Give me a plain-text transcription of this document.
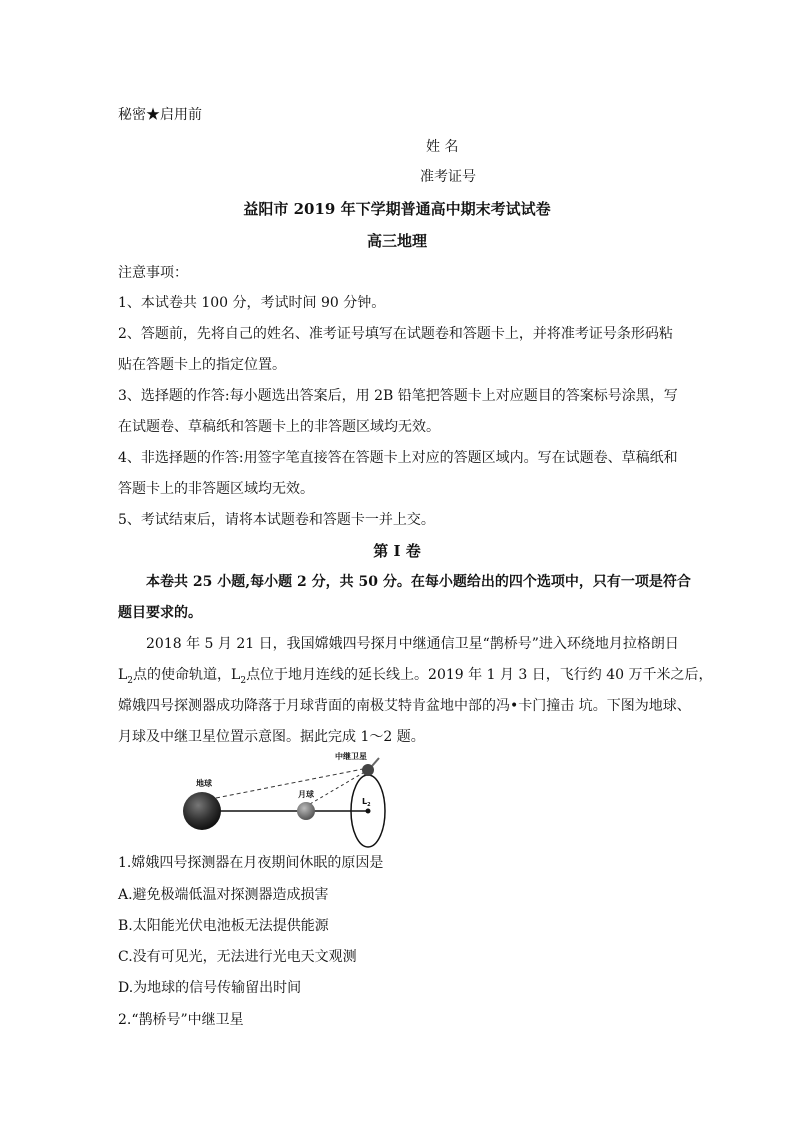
秘密★启用前
姓 名
准考证号
益阳市 2019 年下学期普通高中期末考试试卷
高三地理
注意事项：
1、本试卷共 100 分，考试时间 90 分钟。
2、答题前，先将自己的姓名、准考证号填写在试题卷和答题卡上，并将准考证号条形码粘
贴在答题卡上的指定位置。
3、选择题的作答:每小题选出答案后，用 2B 铅笔把答题卡上对应题目的答案标号涂黑，写
在试题卷、草稿纸和答题卡上的非答题区域均无效。
4、非选择题的作答:用签字笔直接答在答题卡上对应的答题区域内。写在试题卷、草稿纸和
答题卡上的非答题区域均无效。
5、考试结束后，请将本试题卷和答题卡一并上交。
第 I 卷
本卷共 25 小题,每小题 2 分，共 50 分。在每小题给出的四个选项中，只有一项是符合
题目要求的。
2018 年 5 月 21 日，我国嫦娥四号探月中继通信卫星“鹊桥号”进入环绕地月拉格朗日
$L_2$点的使命轨道，$L_2$点位于地月连线的延长线上。2019 年 1 月 3 日，飞行约 40 万千米之后，
嫦娥四号探测器成功降落于月球背面的南极艾特肯盆地中部的冯•卡门撞击 坑。下图为地球、
月球及中继卫星位置示意图。据此完成 1～2 题。
地球
月球
中继卫星
$L_2$
1.嫦娥四号探测器在月夜期间休眠的原因是
A.避免极端低温对探测器造成损害
B.太阳能光伏电池板无法提供能源
C.没有可见光，无法进行光电天文观测
D.为地球的信号传输留出时间
2.“鹊桥号”中继卫星
